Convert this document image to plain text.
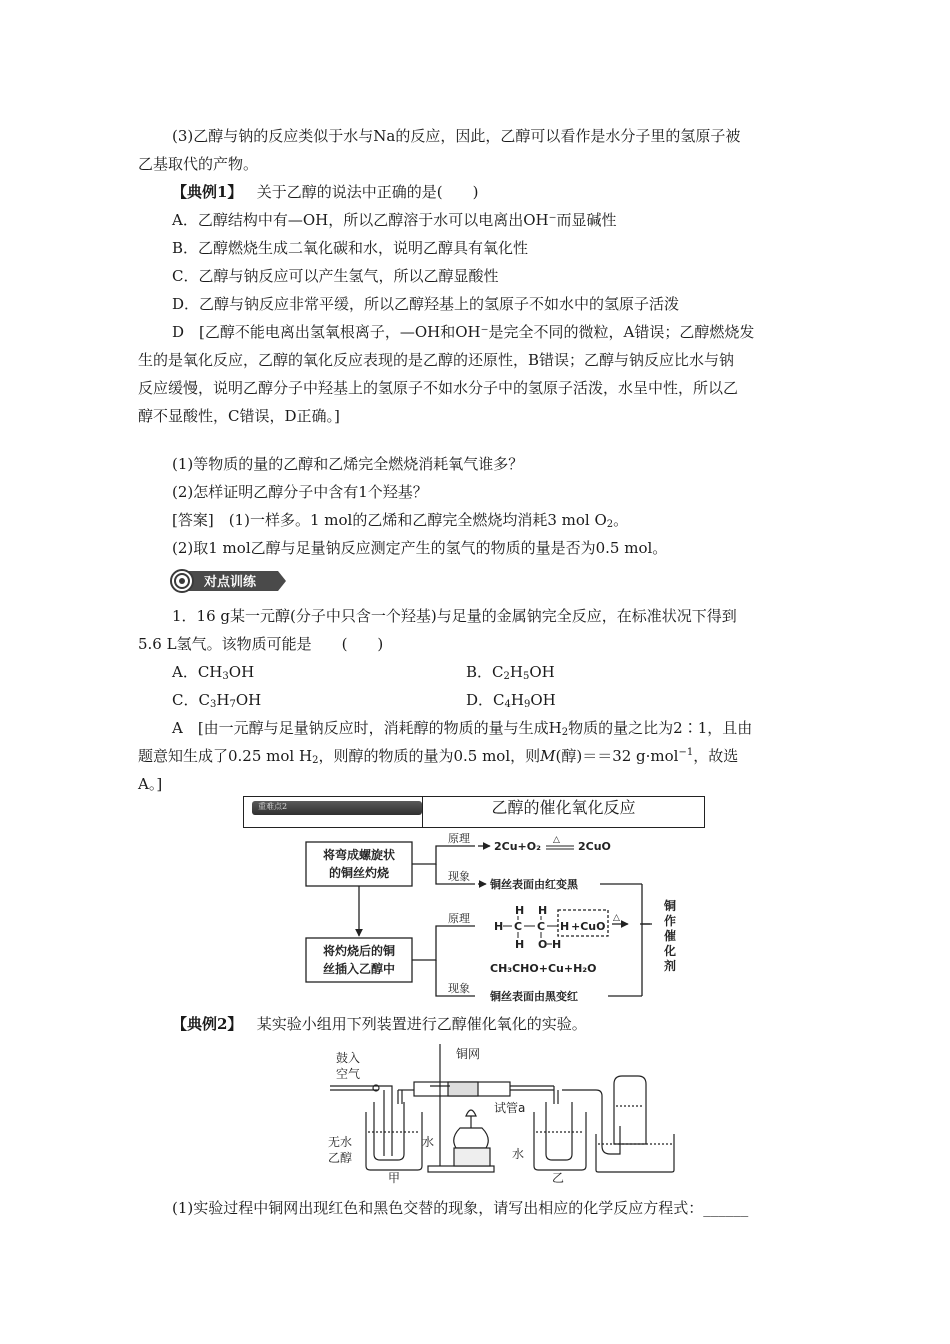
(3)乙醇与钠的反应类似于水与Na的反应，因此，乙醇可以看作是水分子里的氢原子被
乙基取代的产物。
【典例1】 关于乙醇的说法中正确的是(　　)
A．乙醇结构中有—OH，所以乙醇溶于水可以电离出OH⁻而显碱性
B．乙醇燃烧生成二氧化碳和水，说明乙醇具有氧化性
C．乙醇与钠反应可以产生氢气，所以乙醇显酸性
D．乙醇与钠反应非常平缓，所以乙醇羟基上的氢原子不如水中的氢原子活泼
D　[乙醇不能电离出氢氧根离子，—OH和OH⁻是完全不同的微粒，A错误；乙醇燃烧发
生的是氧化反应，乙醇的氧化反应表现的是乙醇的还原性，B错误；乙醇与钠反应比水与钠
反应缓慢，说明乙醇分子中羟基上的氢原子不如水分子中的氢原子活泼，水呈中性，所以乙
醇不显酸性，C错误，D正确。]
(1)等物质的量的乙醇和乙烯完全燃烧消耗氧气谁多？
(2)怎样证明乙醇分子中含有1个羟基？
[答案]　(1)一样多。1 mol的乙烯和乙醇完全燃烧均消耗3 mol $O_2$。
(2)取1 mol乙醇与足量钠反应测定产生的氢气的物质的量是否为0.5 mol。
对点训练
1．16 g某一元醇(分子中只含一个羟基)与足量的金属钠完全反应，在标准状况下得到
5.6 L氢气。该物质可能是　　(　　)
A．$CH_3OH$	B．$C_2H_5OH$
C．$C_3H_7OH$	D．$C_4H_9OH$
A　[由一元醇与足量钠反应时，消耗醇的物质的量与生成$H_2$物质的量之比为2∶1，且由
题意知生成了0.25 mol $H_2$，则醇的物质的量为0.5 mol，则M(醇)＝＝32 g·mol$^{-1}$，故选
A。]
重难点2	乙醇的催化氧化反应
将弯成螺旋状
的铜丝灼烧
将灼烧后的铜
丝插入乙醇中
原理
现象
原理
现象
2Cu+O₂ △ 2CuO
铜丝表面由红变黑
H H
H C C H
H O H
+CuO
△
CH₃CHO+Cu+H₂O
铜丝表面由黑变红
铜
作
催
化
剂
【典例2】 某实验小组用下列装置进行乙醇催化氧化的实验。
鼓入
空气
铜网
试管a
无水
乙醇
水
水
甲	乙
(1)实验过程中铜网出现红色和黑色交替的现象，请写出相应的化学反应方程式：______
